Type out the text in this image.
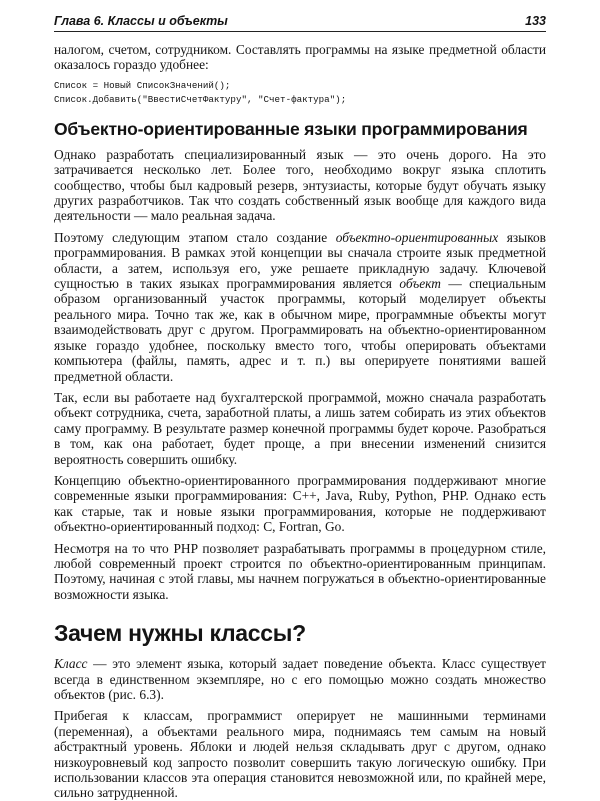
Глава 6. Классы и объекты	133

налогом, счетом, сотрудником. Составлять программы на языке предметной области оказалось гораздо удобнее:

Список = Новый СписокЗначений();
Список.Добавить("ВвестиСчетФактуру", "Счет-фактура");
Объектно-ориентированные языки программирования

Однако разработать специализированный язык — это очень дорого. На это затрачивается несколько лет. Более того, необходимо вокруг языка сплотить сообщество, чтобы был кадровый резерв, энтузиасты, которые будут обучать языку других разработчиков. Так что создать собственный язык вообще для каждого вида деятельности — мало реальная задача.

Поэтому следующим этапом стало создание объектно-ориентированных языков программирования. В рамках этой концепции вы сначала строите язык предметной области, а затем, используя его, уже решаете прикладную задачу. Ключевой сущностью в таких языках программирования является объект — специальным образом организованный участок программы, который моделирует объекты реального мира. Точно так же, как в обычном мире, программные объекты могут взаимодействовать друг с другом. Программировать на объектно-ориентированном языке гораздо удобнее, поскольку вместо того, чтобы оперировать объектами компьютера (файлы, память, адрес и т. п.) вы оперируете понятиями вашей предметной области.

Так, если вы работаете над бухгалтерской программой, можно сначала разработать объект сотрудника, счета, заработной платы, а лишь затем собирать из этих объектов саму программу. В результате размер конечной программы будет короче. Разобраться в том, как она работает, будет проще, а при внесении изменений снизится вероятность совершить ошибку.

Концепцию объектно-ориентированного программирования поддерживают многие современные языки программирования: C++, Java, Ruby, Python, PHP. Однако есть как старые, так и новые языки программирования, которые не поддерживают объектно-ориентированный подход: C, Fortran, Go.

Несмотря на то что PHP позволяет разрабатывать программы в процедурном стиле, любой современный проект строится по объектно-ориентированным принципам. Поэтому, начиная с этой главы, мы начнем погружаться в объектно-ориентированные возможности языка.

Зачем нужны классы?

Класс — это элемент языка, который задает поведение объекта. Класс существует всегда в единственном экземпляре, но с его помощью можно создать множество объектов (рис. 6.3).

Прибегая к классам, программист оперирует не машинными терминами (переменная), а объектами реального мира, поднимаясь тем самым на новый абстрактный уровень. Яблоки и людей нельзя складывать друг с другом, однако низкоуровневый код запросто позволит совершить такую логическую ошибку. При использовании классов эта операция становится невозможной или, по крайней мере, сильно затрудненной.
